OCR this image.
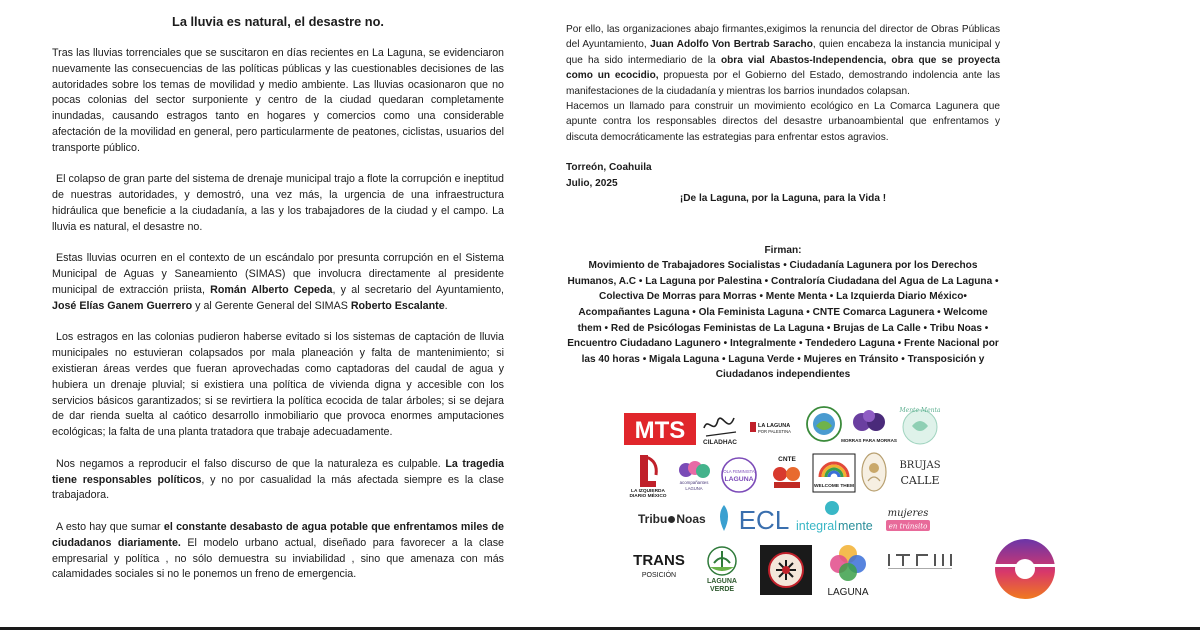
La lluvia es natural, el desastre no.

Tras las lluvias torrenciales que se suscitaron en días recientes en La Laguna, se evidenciaron nuevamente las consecuencias de las políticas públicas y las cuestionables decisiones de las autoridades sobre los temas de movilidad y medio ambiente. Las lluvias ocasionaron que no pocas colonias del sector surponiente y centro de la ciudad quedaran completamente inundadas, causando estragos tanto en hogares y comercios como una considerable afectación de la movilidad en general, pero particularmente de peatones, ciclistas, usuarios del transporte público.

El colapso de gran parte del sistema de drenaje municipal trajo a flote la corrupción e ineptitud de nuestras autoridades, y demostró, una vez más, la urgencia de una infraestructura hidráulica que beneficie a la ciudadanía, a las y los trabajadores de la ciudad y el campo. La lluvia es natural, el desastre no.

Estas lluvias ocurren en el contexto de un escándalo por presunta corrupción en el Sistema Municipal de Aguas y Saneamiento (SIMAS) que involucra directamente al presidente municipal de extracción priista, Román Alberto Cepeda, y al secretario del Ayuntamiento, José Elías Ganem Guerrero y al Gerente General del SIMAS Roberto Escalante.

Los estragos en las colonias pudieron haberse evitado si los sistemas de captación de lluvia municipales no estuvieran colapsados por mala planeación y falta de mantenimiento; si existieran áreas verdes que fueran aprovechadas como captadoras del caudal de agua y hubiera un drenaje pluvial; si existiera una política de vivienda digna y accesible con los servicios básicos garantizados; si se revirtiera la política ecocida de talar árboles; si se dejara de dar rienda suelta al caótico desarrollo inmobiliario que provoca enormes amputaciones ecológicas; la falta de una planta tratadora que trabaje adecuadamente.

Nos negamos a reproducir el falso discurso de que la naturaleza es culpable. La tragedia tiene responsables políticos, y no por casualidad la más afectada siempre es la clase trabajadora.

A esto hay que sumar el constante desabasto de agua potable que enfrentamos miles de ciudadanos diariamente. El modelo urbano actual, diseñado para favorecer a la clase empresarial y política , no sólo demuestra su inviabilidad , sino que amenaza con más calamidades sociales si no le ponemos un freno de emergencia.

Por ello, las organizaciones abajo firmantes,exigimos la renuncia del director de Obras Públicas del Ayuntamiento, Juan Adolfo Von Bertrab Saracho, quien encabeza la instancia municipal y que ha sido intermediario de la obra vial Abastos-Independencia, obra que se proyecta como un ecocidio, propuesta por el Gobierno del Estado, demostrando indolencia ante las manifestaciones de la ciudadanía y mientras los barrios inundados colapsan.

Hacemos un llamado para construir un movimiento ecológico en La Comarca Lagunera que apunte contra los responsables directos del desastre urbanoambiental que enfrentamos y discuta democráticamente las estrategias para enfrentar estos agravios.

Torreón, Coahuila
Julio, 2025
¡De la Laguna, por la Laguna, para la Vida !
Firman:
Movimiento de Trabajadores Socialistas • Ciudadanía Lagunera por los Derechos Humanos, A.C • La Laguna por Palestina • Contraloría Ciudadana del Agua de La Laguna • Colectiva De Morras para Morras • Mente Menta • La Izquierda Diario México• Acompañantes Laguna • Ola Feminista Laguna • CNTE Comarca Lagunera • Welcome them • Red de Psicólogas Feministas de La Laguna • Brujas de La Calle • Tribu Noas • Encuentro Ciudadano Lagunero • Integralmente • Tendedero Laguna • Frente Nacional por las 40 horas • Migala Laguna • Laguna Verde • Mujeres en Tránsito • Transposición y Ciudadanos independientes
MTS	CILADHAC
LA LAGUNA
POR PALESTINA
MORRAS PARA MORRAS
Mente Menta
LA IZQUIERDA
DIARIO MÉXICO
acompañantes
LAGUNA
OLA FEMINISTA
LAGUNA
CNTE
WELCOME THEM
BRUJAS
CALLE
Tribu Noas ECL integral mente
mujeres
en tránsito
TRANS
POSICIÓN
LAGUNA
VERDE	LAGUNA
